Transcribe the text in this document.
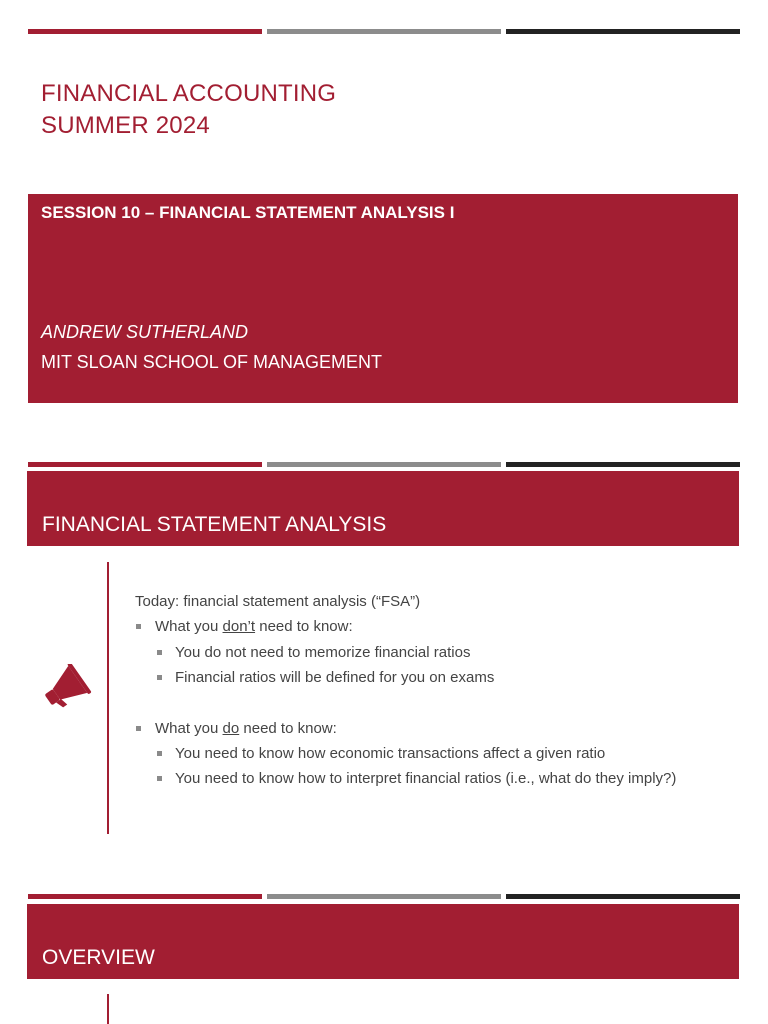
FINANCIAL ACCOUNTING
SUMMER 2024
SESSION 10 – FINANCIAL STATEMENT ANALYSIS I
ANDREW SUTHERLAND
MIT SLOAN SCHOOL OF MANAGEMENT
FINANCIAL STATEMENT ANALYSIS
Today: financial statement analysis (“FSA”)
What you don’t need to know:
You do not need to memorize financial ratios
Financial ratios will be defined for you on exams
What you do need to know:
You need to know how economic transactions affect a given ratio
You need to know how to interpret financial ratios (i.e., what do they imply?)
OVERVIEW
